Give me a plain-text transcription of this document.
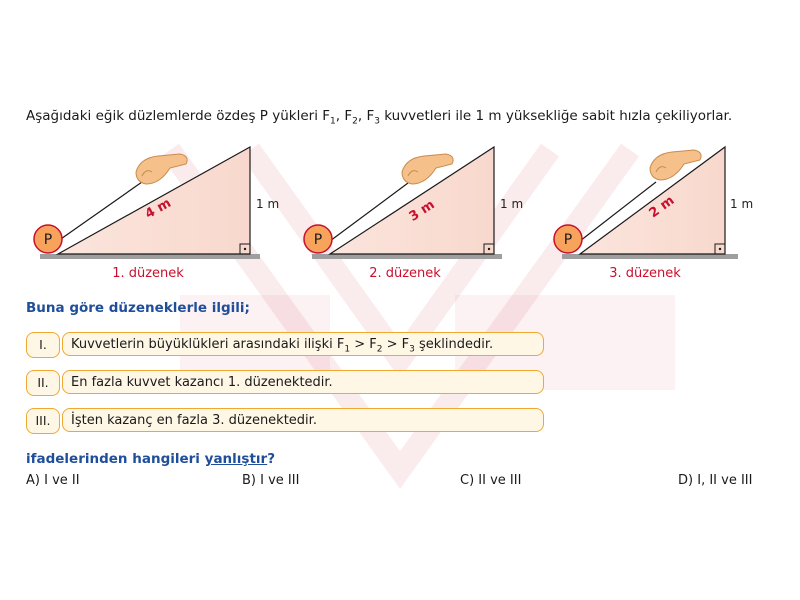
Aşağıdaki eğik düzlemlerde özdeş P yükleri $F_1$, $F_2$, $F_3$ kuvvetleri ile 1 m yüksekliğe sabit hızla çekiliyorlar.
P
4 m	1 m
1. düzenek
P
3 m	1 m
2. düzenek
P
2 m	1 m
3. düzenek
Buna göre düzeneklerle ilgili;
I.	Kuvvetlerin büyüklükleri arasındaki ilişki $F_1 > F_2 > F_3$ şeklindedir.
II.	En fazla kuvvet kazancı 1. düzenektedir.
III.	İşten kazanç en fazla 3. düzenektedir.
ifadelerinden hangileri yanlıştır?
A) I ve II	B) I ve III	C) II ve III	D) I, II ve III
